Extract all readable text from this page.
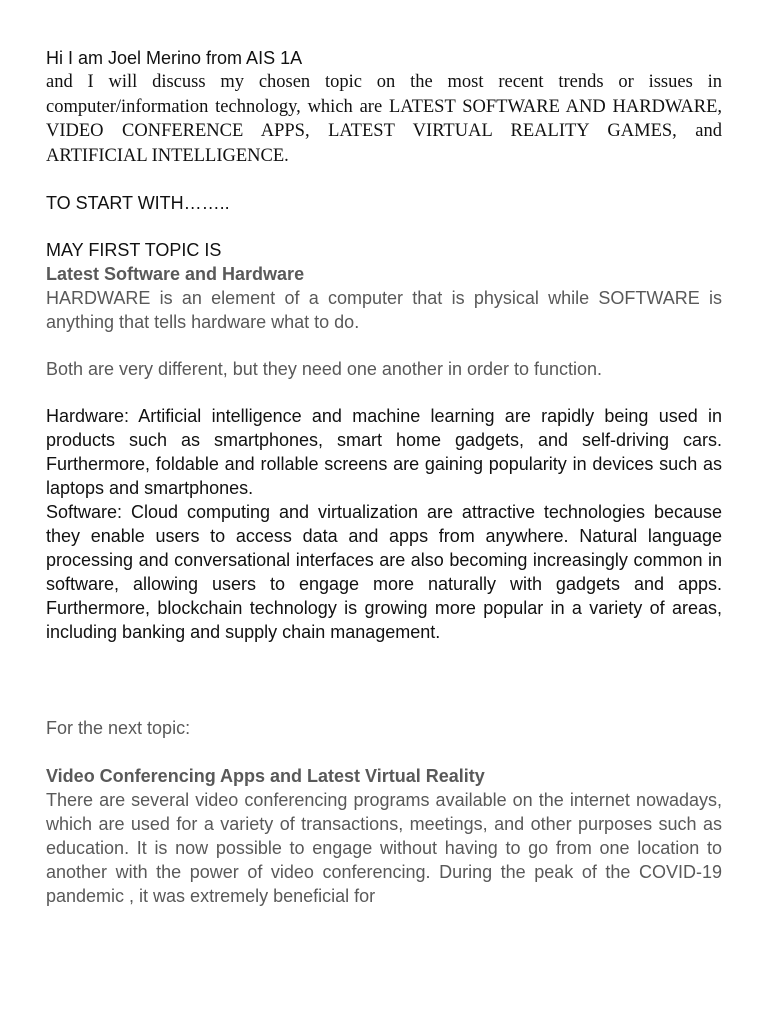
Hi I am Joel Merino from AIS 1A

and I will discuss my chosen topic on the most recent trends or issues in computer/information technology, which are LATEST SOFTWARE AND HARDWARE, VIDEO CONFERENCE APPS, LATEST VIRTUAL REALITY GAMES, and ARTIFICIAL INTELLIGENCE.

TO START WITH……..

MAY FIRST TOPIC IS

Latest Software and Hardware

HARDWARE is an element of a computer that is physical while SOFTWARE is anything that tells hardware what to do.

Both are very different, but they need one another in order to function.

Hardware: Artificial intelligence and machine learning are rapidly being used in products such as smartphones, smart home gadgets, and self-driving cars. Furthermore, foldable and rollable screens are gaining popularity in devices such as laptops and smartphones.

Software: Cloud computing and virtualization are attractive technologies because they enable users to access data and apps from anywhere. Natural language processing and conversational interfaces are also becoming increasingly common in software, allowing users to engage more naturally with gadgets and apps. Furthermore, blockchain technology is growing more popular in a variety of areas, including banking and supply chain management.

For the next topic:

Video Conferencing Apps and Latest Virtual Reality

There are several video conferencing programs available on the internet nowadays, which are used for a variety of transactions, meetings, and other purposes such as education. It is now possible to engage without having to go from one location to another with the power of video conferencing. During the peak of the COVID-19 pandemic , it was extremely beneficial for
